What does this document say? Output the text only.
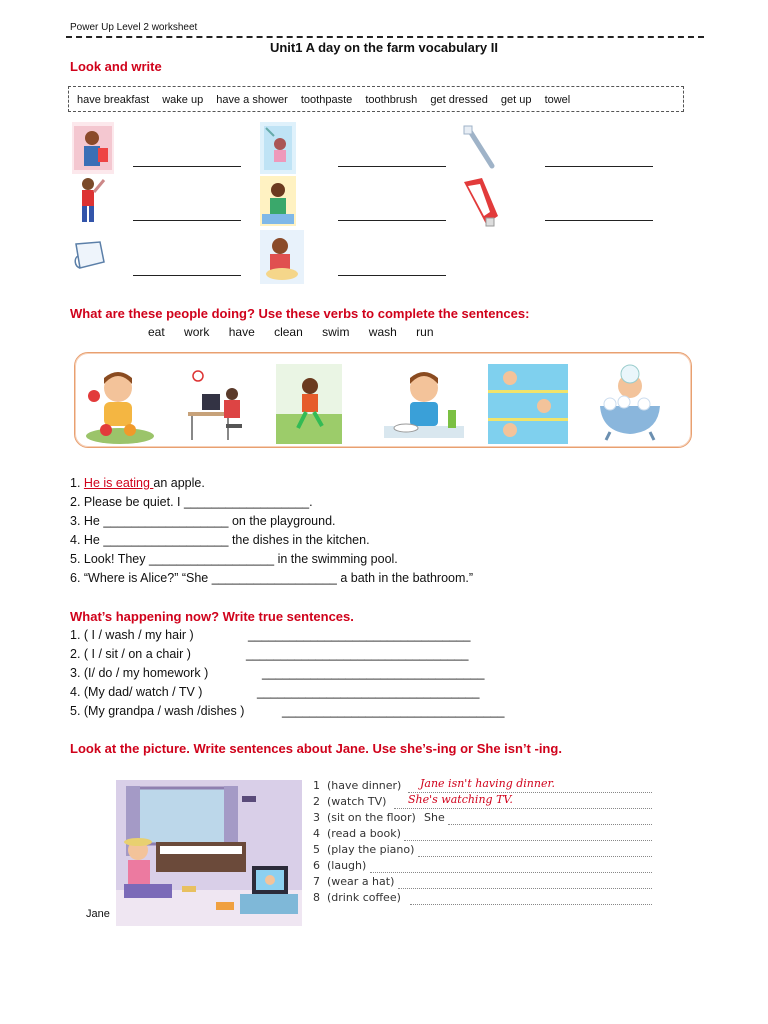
Power Up Level 2 worksheet
Unit1 A day on the farm vocabulary II
Look and write
have breakfast wake up have a shower toothpaste toothbrush get dressed get up towel
What are these people doing? Use these verbs to complete the sentences:
eat work have clean swim wash run
1. He is eating an apple.
2. Please be quiet. I __________________.
3. He __________________ on the playground.
4. He __________________ the dishes in the kitchen.
5. Look! They __________________ in the swimming pool.
6. “Where is Alice?” “She __________________ a bath in the bathroom.”
What’s happening now? Write true sentences.
1. ( I / wash / my hair )	________________________________
2. ( I / sit / on a chair )	________________________________
3. (I/ do / my homework )	________________________________
4. (My dad/ watch / TV )	________________________________
5. (My grandpa / wash /dishes )	________________________________
Look at the picture. Write sentences about Jane. Use she’s-ing or She isn’t -ing.
Jane
1 (have dinner) Jane isn't having dinner.
2 (watch TV) She's watching TV.
3 (sit on the floor) She
4 (read a book)
5 (play the piano)
6 (laugh)
7 (wear a hat)
8 (drink coffee)
